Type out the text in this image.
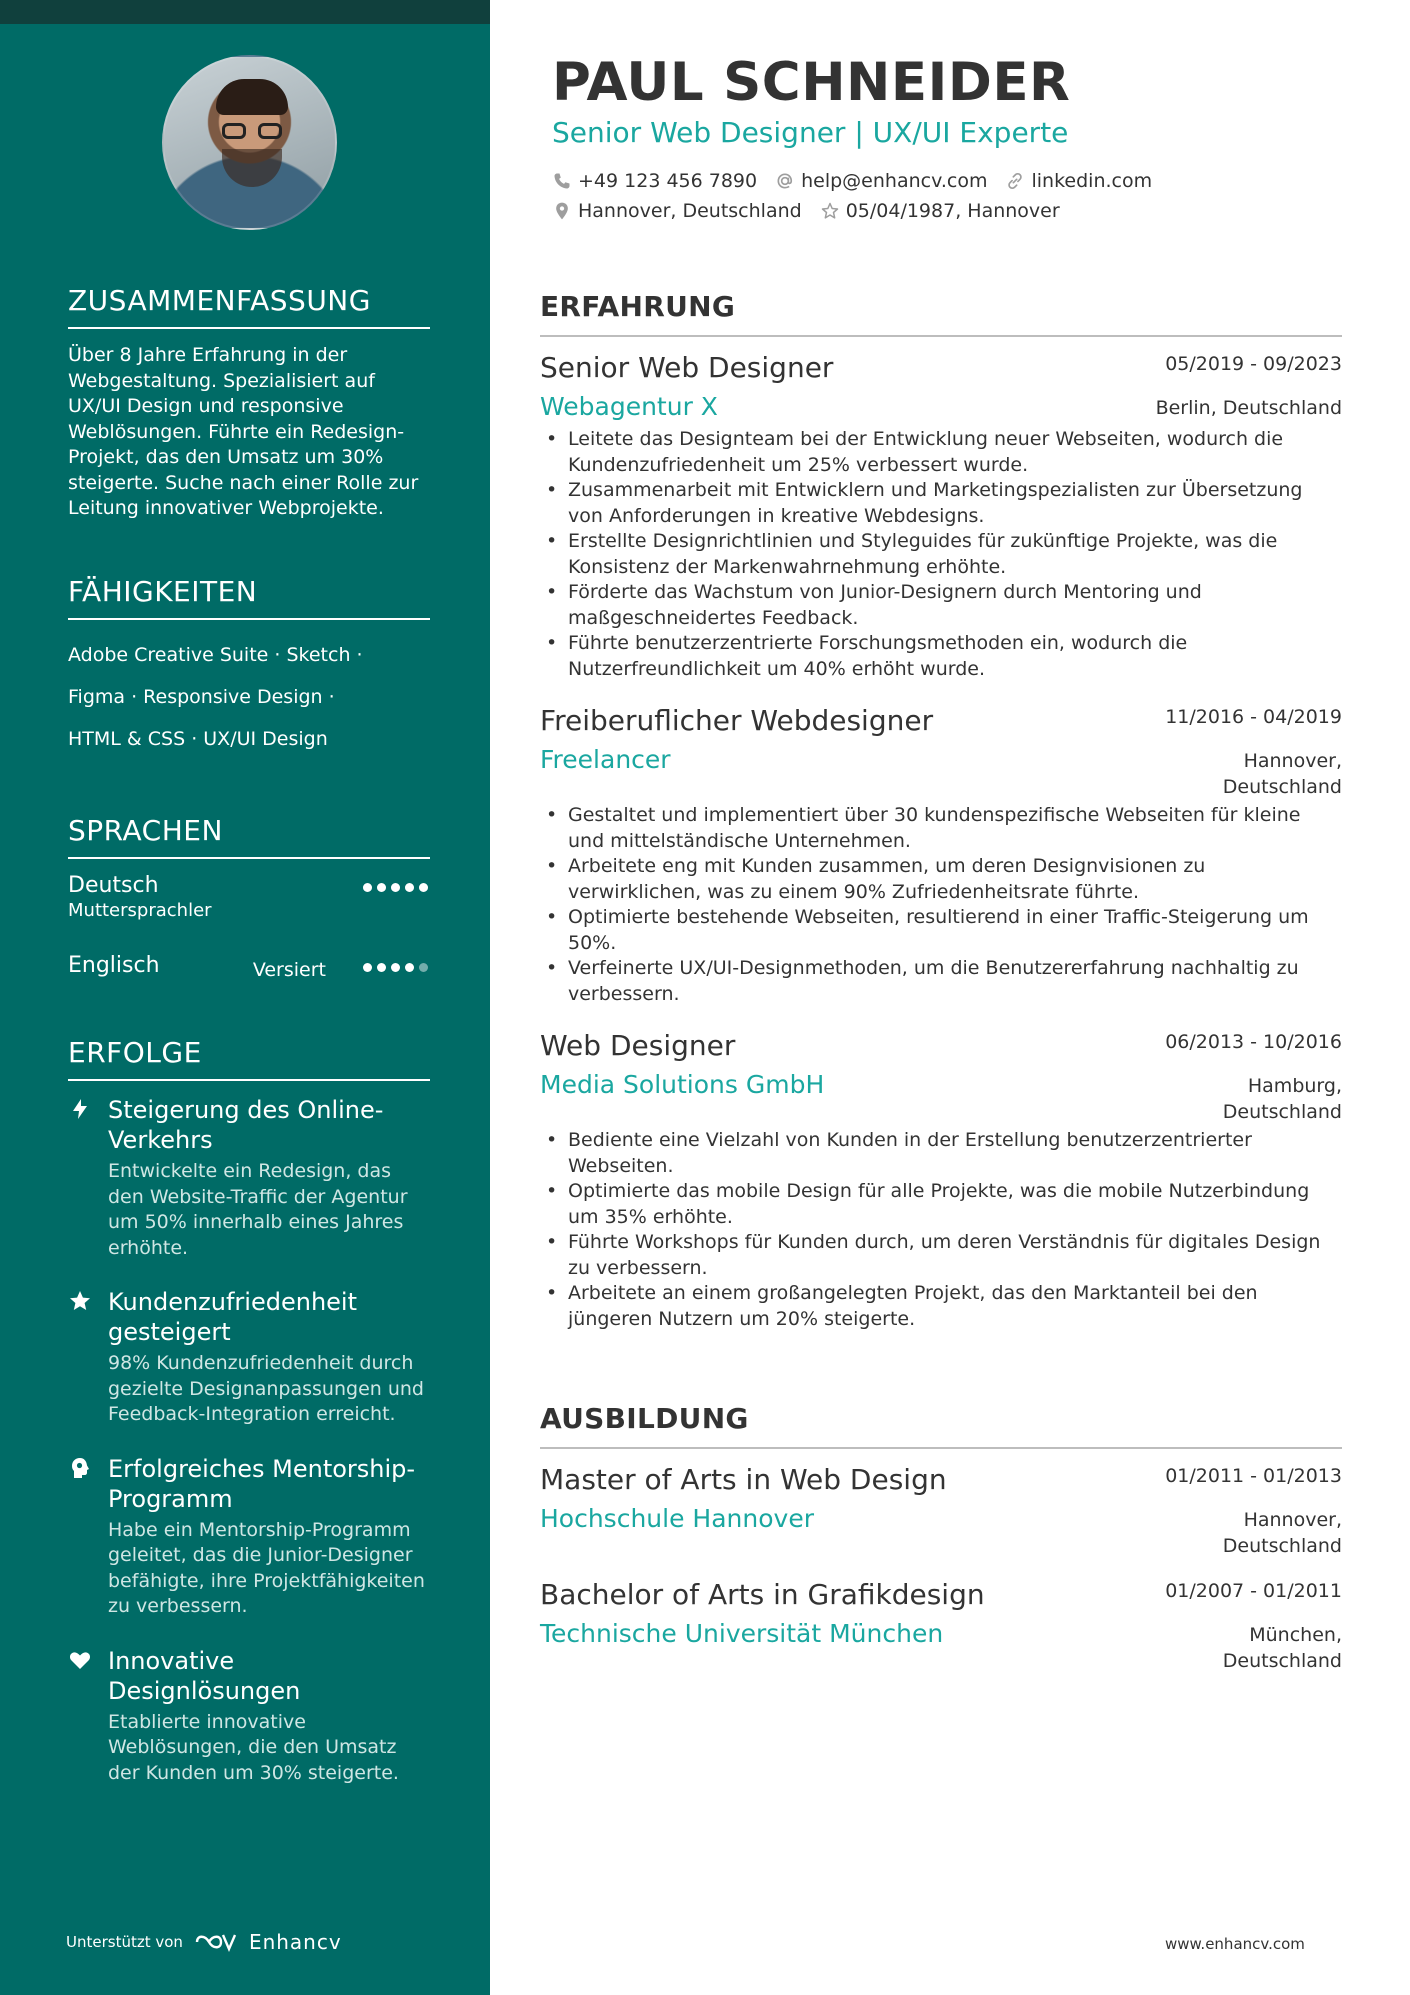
ZUSAMMENFASSUNG

Über 8 Jahre Erfahrung in der Webgestaltung. Spezialisiert auf UX/UI Design und responsive Weblösungen. Führte ein Redesign-Projekt, das den Umsatz um 30% steigerte. Suche nach einer Rolle zur Leitung innovativer Webprojekte.

FÄHIGKEITEN
Adobe Creative Suite · Sketch ·
Figma · Responsive Design ·
HTML & CSS · UX/UI Design
SPRACHEN
Deutsch
Muttersprachler
Englisch	Versiert
ERFOLGE
Steigerung des Online-Verkehrs
Entwickelte ein Redesign, das den Website-Traffic der Agentur um 50% innerhalb eines Jahres erhöhte.
Kundenzufriedenheit gesteigert
98% Kundenzufriedenheit durch gezielte Designanpassungen und Feedback-Integration erreicht.
Erfolgreiches Mentorship-Programm
Habe ein Mentorship-Programm geleitet, das die Junior-Designer befähigte, ihre Projektfähigkeiten zu verbessern.
Innovative Designlösungen
Etablierte innovative Weblösungen, die den Umsatz der Kunden um 30% steigerte.
Unterstützt von	Enhancv
PAUL SCHNEIDER
Senior Web Designer | UX/UI Experte
+49 123 456 7890 help@enhancv.com linkedin.com
Hannover, Deutschland 05/04/1987, Hannover
ERFAHRUNG
Senior Web Designer	05/2019 - 09/2023
Webagentur X	Berlin, Deutschland
• Leitete das Designteam bei der Entwicklung neuer Webseiten, wodurch die Kundenzufriedenheit um 25% verbessert wurde.
• Zusammenarbeit mit Entwicklern und Marketingspezialisten zur Übersetzung von Anforderungen in kreative Webdesigns.
• Erstellte Designrichtlinien und Styleguides für zukünftige Projekte, was die Konsistenz der Markenwahrnehmung erhöhte.
• Förderte das Wachstum von Junior-Designern durch Mentoring und maßgeschneidertes Feedback.
• Führte benutzerzentrierte Forschungsmethoden ein, wodurch die Nutzerfreundlichkeit um 40% erhöht wurde.
Freiberuflicher Webdesigner	11/2016 - 04/2019
Freelancer	Hannover, Deutschland
• Gestaltet und implementiert über 30 kundenspezifische Webseiten für kleine und mittelständische Unternehmen.
• Arbeitete eng mit Kunden zusammen, um deren Designvisionen zu verwirklichen, was zu einem 90% Zufriedenheitsrate führte.
• Optimierte bestehende Webseiten, resultierend in einer Traffic-Steigerung um 50%.
• Verfeinerte UX/UI-Designmethoden, um die Benutzererfahrung nachhaltig zu verbessern.
Web Designer	06/2013 - 10/2016
Media Solutions GmbH	Hamburg, Deutschland
• Bediente eine Vielzahl von Kunden in der Erstellung benutzerzentrierter Webseiten.
• Optimierte das mobile Design für alle Projekte, was die mobile Nutzerbindung um 35% erhöhte.
• Führte Workshops für Kunden durch, um deren Verständnis für digitales Design zu verbessern.
• Arbeitete an einem großangelegten Projekt, das den Marktanteil bei den jüngeren Nutzern um 20% steigerte.
AUSBILDUNG
Master of Arts in Web Design	01/2011 - 01/2013
Hochschule Hannover	Hannover, Deutschland
Bachelor of Arts in Grafikdesign	01/2007 - 01/2011
Technische Universität München	München, Deutschland
www.enhancv.com
